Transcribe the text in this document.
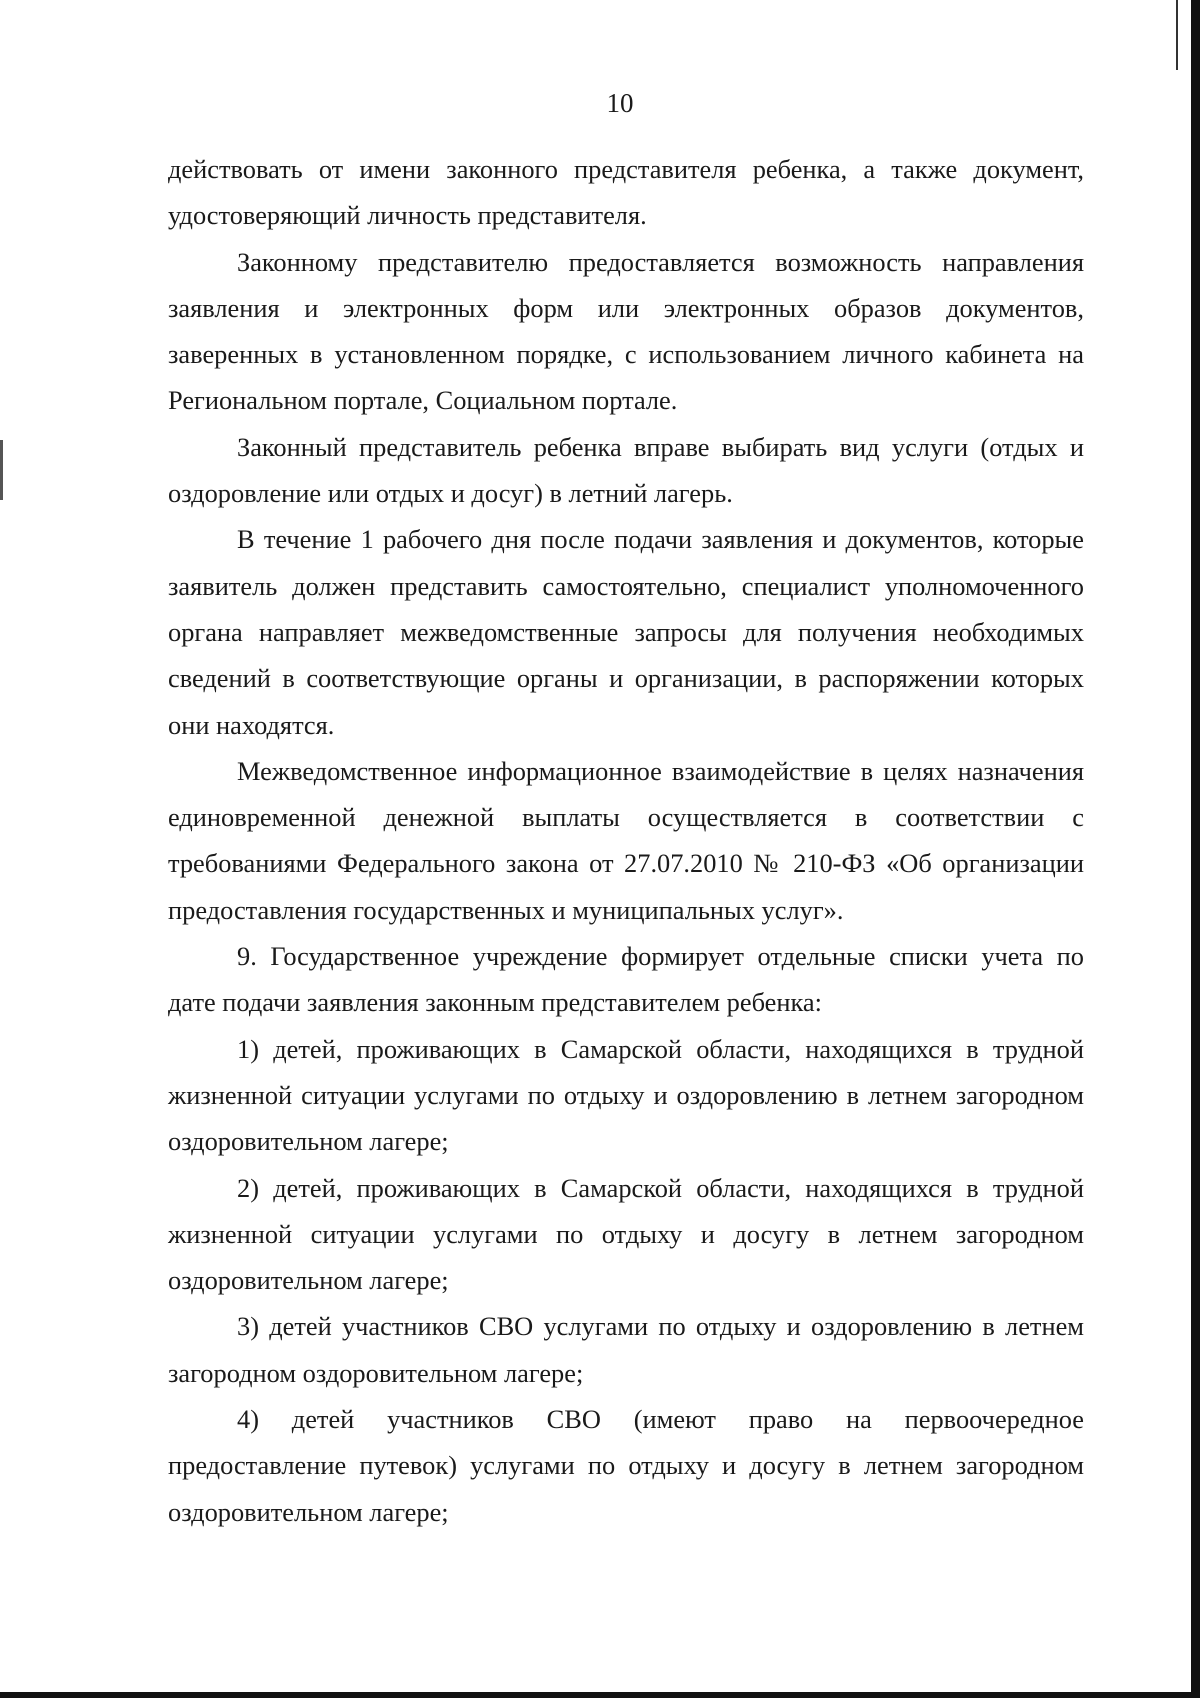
10

действовать от имени законного представителя ребенка, а также документ, удостоверяющий личность представителя.

Законному представителю предоставляется возможность направления заявления и электронных форм или электронных образов документов, заверенных в установленном порядке, с использованием личного кабинета на Региональном портале, Социальном портале.

Законный представитель ребенка вправе выбирать вид услуги (отдых и оздоровление или отдых и досуг) в летний лагерь.

В течение 1 рабочего дня после подачи заявления и документов, которые заявитель должен представить самостоятельно, специалист уполномоченного органа направляет межведомственные запросы для получения необходимых сведений в соответствующие органы и организации, в распоряжении которых они находятся.

Межведомственное информационное взаимодействие в целях назначения единовременной денежной выплаты осуществляется в соответствии с требованиями Федерального закона от 27.07.2010 № 210-ФЗ «Об организации предоставления государственных и муниципальных услуг».

9. Государственное учреждение формирует отдельные списки учета по дате подачи заявления законным представителем ребенка:

1) детей, проживающих в Самарской области, находящихся в трудной жизненной ситуации услугами по отдыху и оздоровлению в летнем загородном оздоровительном лагере;

2) детей, проживающих в Самарской области, находящихся в трудной жизненной ситуации услугами по отдыху и досугу в летнем загородном оздоровительном лагере;

3) детей участников СВО услугами по отдыху и оздоровлению в летнем загородном оздоровительном лагере;

4) детей участников СВО (имеют право на первоочередное предоставление путевок) услугами по отдыху и досугу в летнем загородном оздоровительном лагере;
